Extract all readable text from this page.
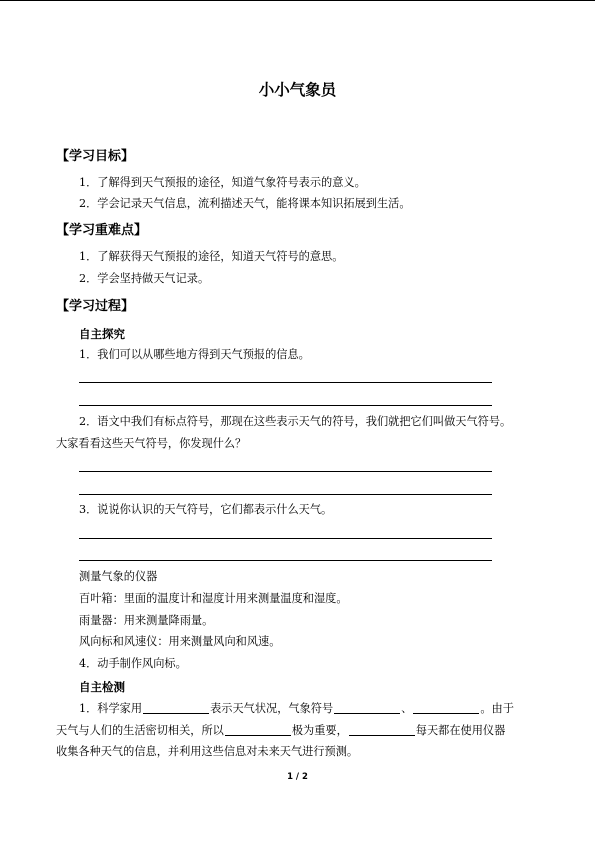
小小气象员
【学习目标】
1．了解得到天气预报的途径，知道气象符号表示的意义。
2．学会记录天气信息，流利描述天气，能将课本知识拓展到生活。
【学习重难点】
1．了解获得天气预报的途径，知道天气符号的意思。
2．学会坚持做天气记录。
【学习过程】
自主探究
1．我们可以从哪些地方得到天气预报的信息。
2．语文中我们有标点符号，那现在这些表示天气的符号，我们就把它们叫做天气符号。
大家看看这些天气符号，你发现什么？
3．说说你认识的天气符号，它们都表示什么天气。
测量气象的仪器
百叶箱：里面的温度计和湿度计用来测量温度和湿度。
雨量器：用来测量降雨量。
风向标和风速仪：用来测量风向和风速。
4．动手制作风向标。
自主检测
1．科学家用	表示天气状况，气象符号	、	。由于
天气与人们的生活密切相关，所以	极为重要，	每天都在使用仪器
收集各种天气的信息，并利用这些信息对未来天气进行预测。
1 / 2
